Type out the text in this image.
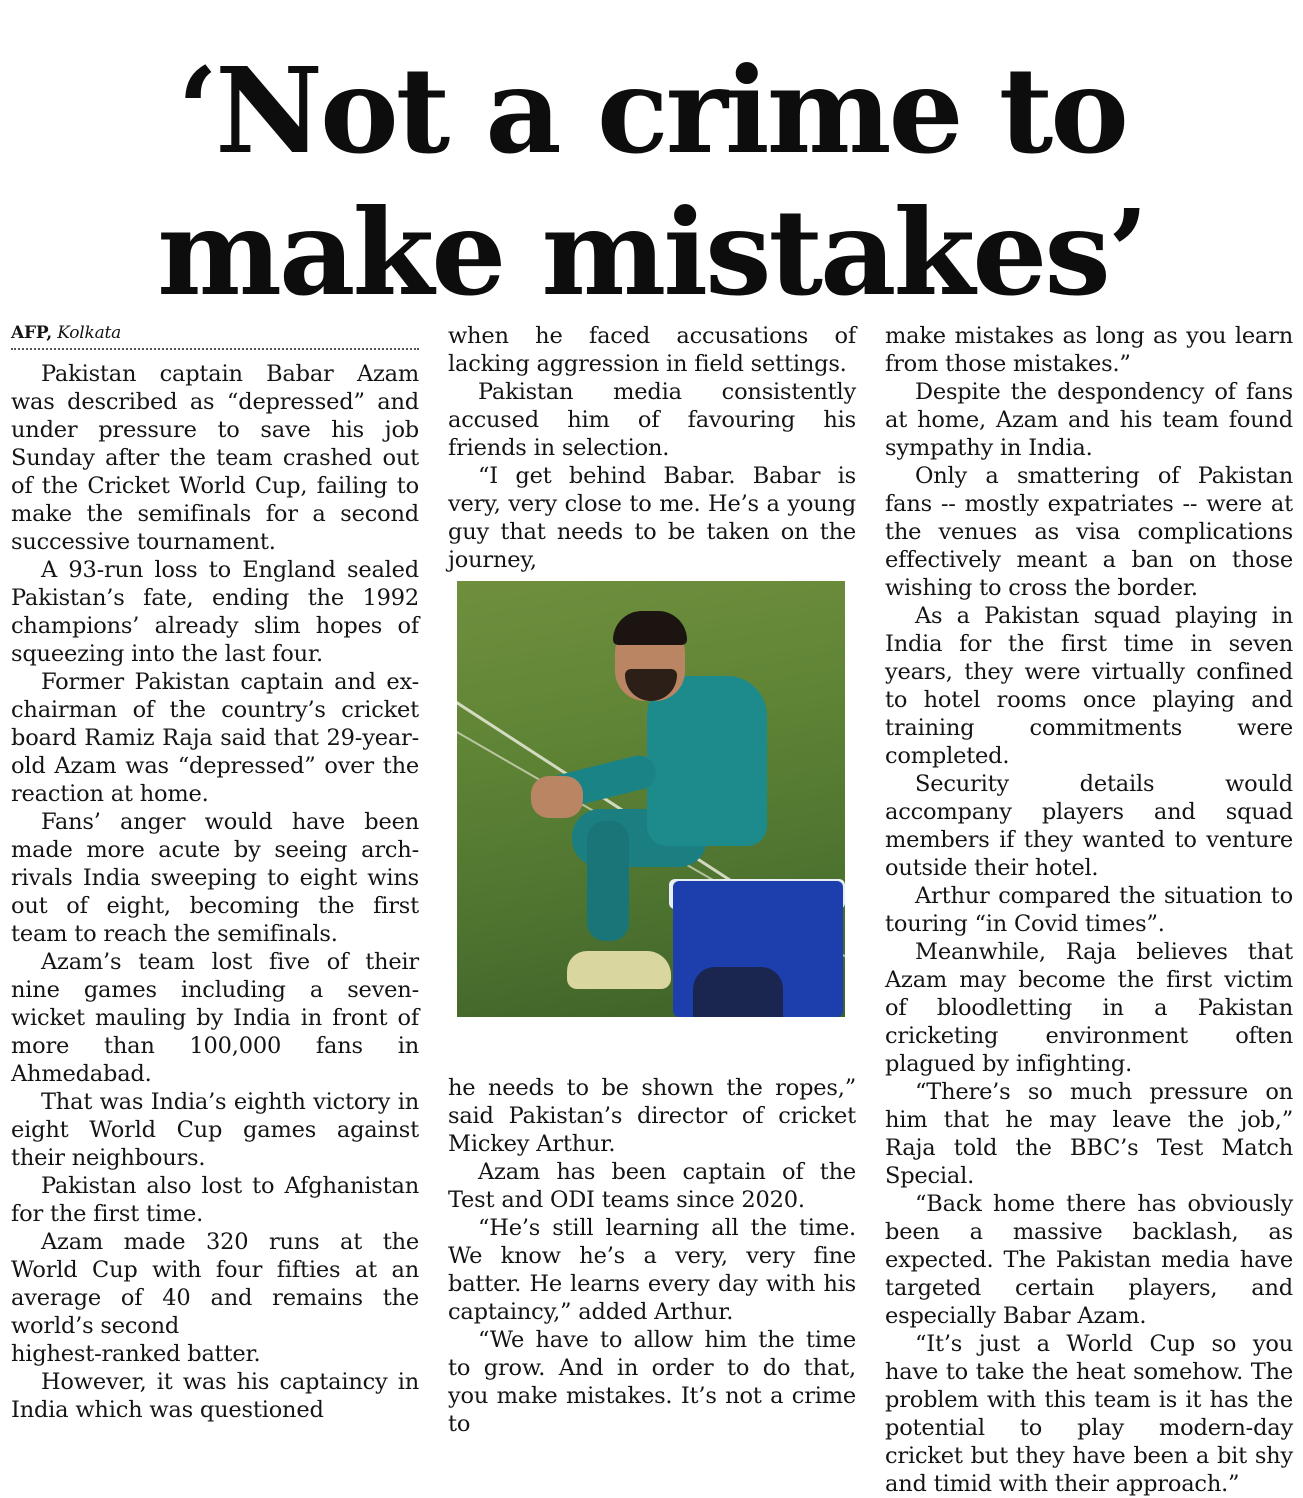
‘Not a crime to
make mistakes’
AFP, Kolkata

Pakistan captain Babar Azam was described as “depressed” and under pressure to save his job Sunday after the team crashed out of the Cricket World Cup, failing to make the semifinals for a second successive tournament.

A 93-run loss to England sealed Pakistan’s fate, ending the 1992 champions’ already slim hopes of squeezing into the last four.

Former Pakistan captain and ex-chairman of the country’s cricket board Ramiz Raja said that 29-year-old Azam was “depressed” over the reaction at home.

Fans’ anger would have been made more acute by seeing arch-rivals India sweeping to eight wins out of eight, becoming the first team to reach the semifinals.

Azam’s team lost five of their nine games including a seven-wicket mauling by India in front of more than 100,000 fans in Ahmedabad.

That was India’s eighth victory in eight World Cup games against their neighbours.

Pakistan also lost to Afghanistan for the first time.

Azam made 320 runs at the World Cup with four fifties at an average of 40 and remains the world’s second

highest-ranked batter.

However, it was his captaincy in India which was questioned

when he faced accusations of lacking aggression in field settings.

Pakistan media consistently accused him of favouring his friends in selection.

“I get behind Babar. Babar is very, very close to me. He’s a young guy that needs to be taken on the journey,

he needs to be shown the ropes,” said Pakistan’s director of cricket Mickey Arthur.

Azam has been captain of the Test and ODI teams since 2020.

“He’s still learning all the time. We know he’s a very, very fine batter. He learns every day with his captaincy,” added Arthur.

“We have to allow him the time to grow. And in order to do that, you make mistakes. It’s not a crime to

make mistakes as long as you learn from those mistakes.”

Despite the despondency of fans at home, Azam and his team found sympathy in India.

Only a smattering of Pakistan fans -- mostly expatriates -- were at the venues as visa complications effectively meant a ban on those wishing to cross the border.

As a Pakistan squad playing in India for the first time in seven years, they were virtually confined to hotel rooms once playing and training commitments were completed.

Security details would accompany players and squad members if they wanted to venture outside their hotel.

Arthur compared the situation to touring “in Covid times”.

Meanwhile, Raja believes that Azam may become the first victim of bloodletting in a Pakistan cricketing environment often plagued by infighting.

“There’s so much pressure on him that he may leave the job,” Raja told the BBC’s Test Match Special.

“Back home there has obviously been a massive backlash, as expected. The Pakistan media have targeted certain players, and especially Babar Azam.

“It’s just a World Cup so you have to take the heat somehow. The problem with this team is it has the potential to play modern-day cricket but they have been a bit shy and timid with their approach.”
